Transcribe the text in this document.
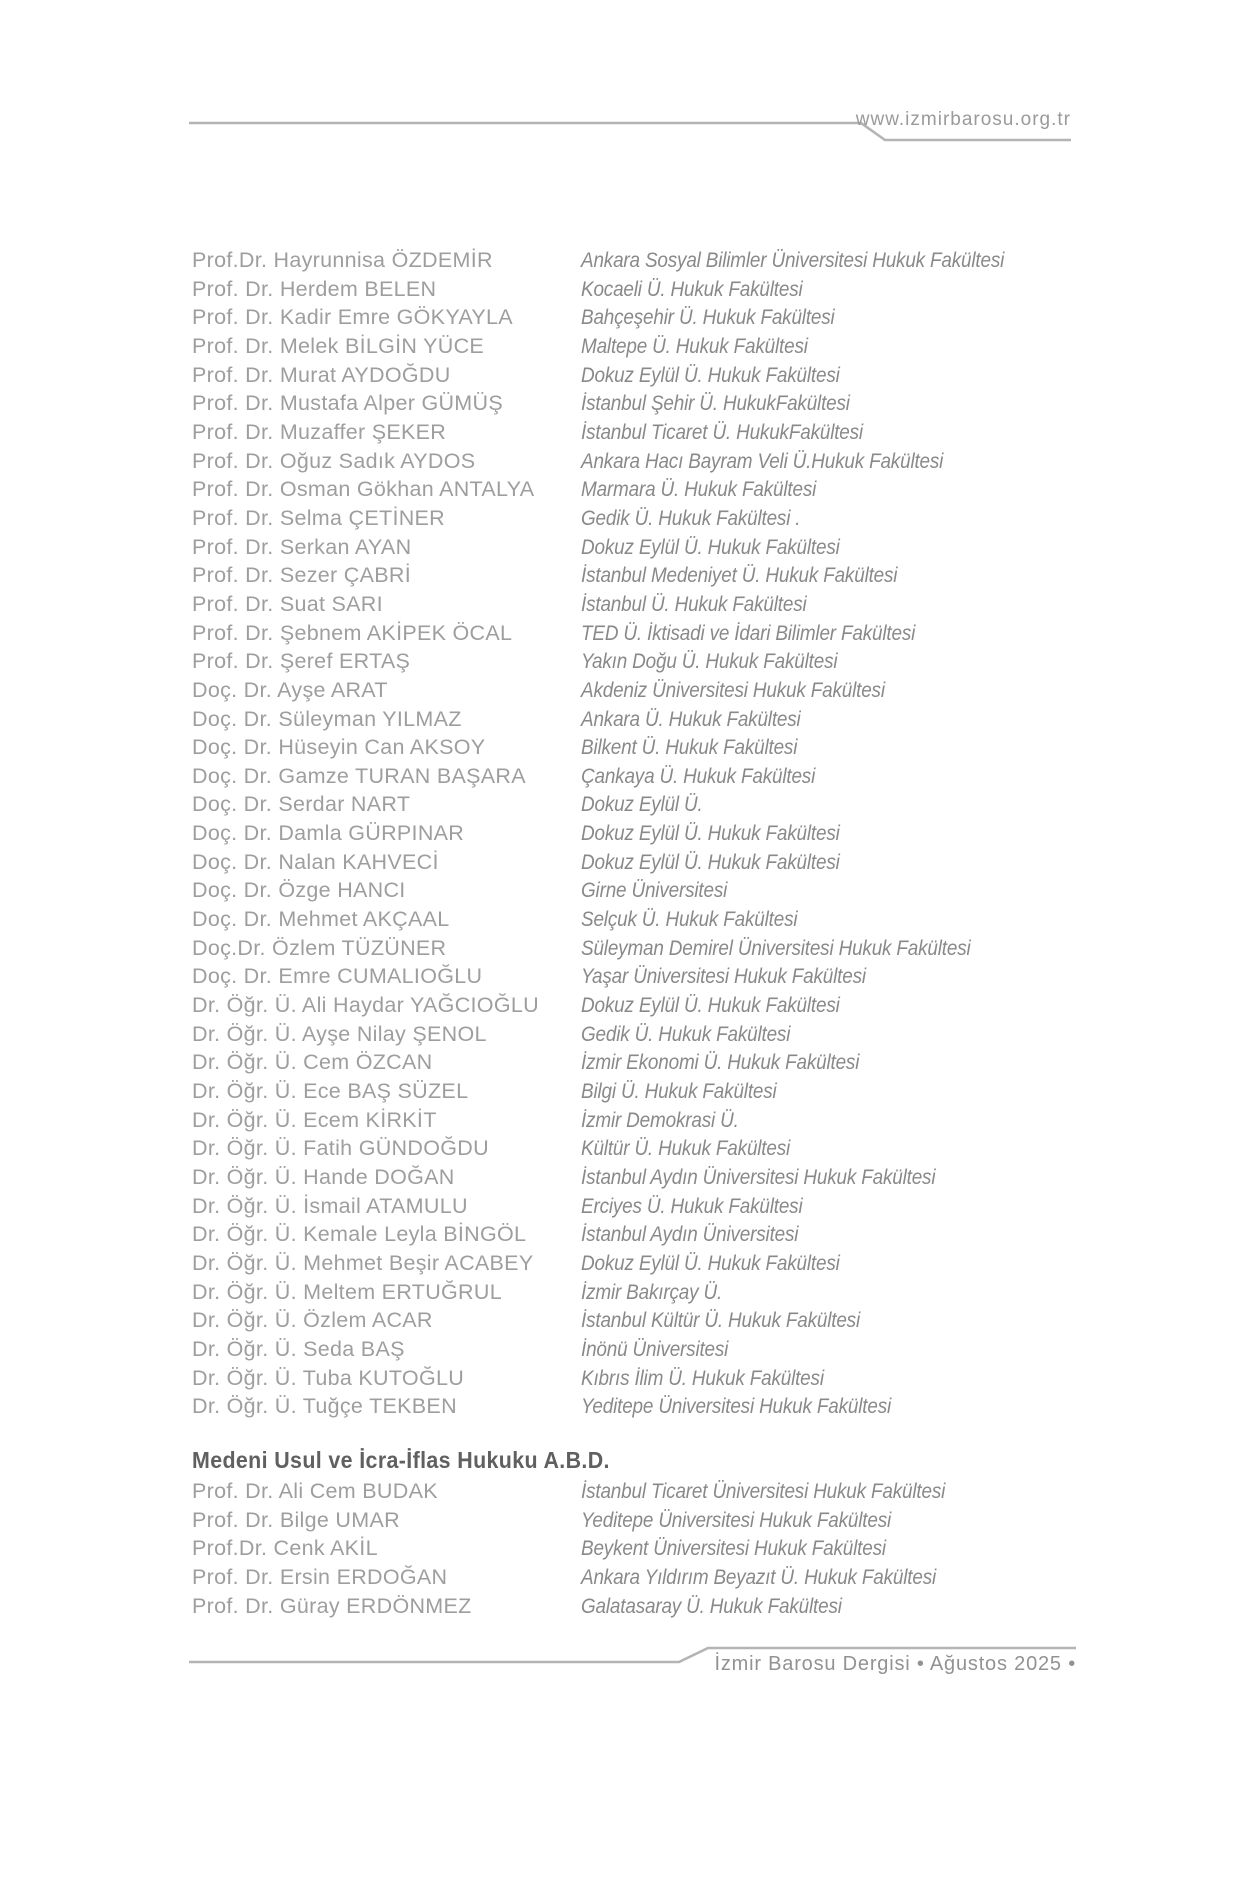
www.izmirbarosu.org.tr
Prof.Dr. Hayrunnisa ÖZDEMİR	Ankara Sosyal Bilimler Üniversitesi Hukuk Fakültesi
Prof. Dr. Herdem BELEN	Kocaeli Ü. Hukuk Fakültesi
Prof. Dr. Kadir Emre GÖKYAYLA	Bahçeşehir Ü. Hukuk Fakültesi
Prof. Dr. Melek BİLGİN YÜCE	Maltepe Ü. Hukuk Fakültesi
Prof. Dr. Murat AYDOĞDU	Dokuz Eylül Ü. Hukuk Fakültesi
Prof. Dr. Mustafa Alper GÜMÜŞ	İstanbul Şehir Ü. HukukFakültesi
Prof. Dr. Muzaffer ŞEKER	İstanbul Ticaret Ü. HukukFakültesi
Prof. Dr. Oğuz Sadık AYDOS	Ankara Hacı Bayram Veli Ü.Hukuk Fakültesi
Prof. Dr. Osman Gökhan ANTALYA	Marmara Ü. Hukuk Fakültesi
Prof. Dr. Selma ÇETİNER	Gedik Ü. Hukuk Fakültesi .
Prof. Dr. Serkan AYAN	Dokuz Eylül Ü. Hukuk Fakültesi
Prof. Dr. Sezer ÇABRİ	İstanbul Medeniyet Ü. Hukuk Fakültesi
Prof. Dr. Suat SARI	İstanbul Ü. Hukuk Fakültesi
Prof. Dr. Şebnem AKİPEK ÖCAL	TED Ü. İktisadi ve İdari Bilimler Fakültesi
Prof. Dr. Şeref ERTAŞ	Yakın Doğu Ü. Hukuk Fakültesi
Doç. Dr. Ayşe ARAT	Akdeniz Üniversitesi Hukuk Fakültesi
Doç. Dr. Süleyman YILMAZ	Ankara Ü. Hukuk Fakültesi
Doç. Dr. Hüseyin Can AKSOY	Bilkent Ü. Hukuk Fakültesi
Doç. Dr. Gamze TURAN BAŞARA	Çankaya Ü. Hukuk Fakültesi
Doç. Dr. Serdar NART	Dokuz Eylül Ü.
Doç. Dr. Damla GÜRPINAR	Dokuz Eylül Ü. Hukuk Fakültesi
Doç. Dr. Nalan KAHVECİ	Dokuz Eylül Ü. Hukuk Fakültesi
Doç. Dr. Özge HANCI	Girne Üniversitesi
Doç. Dr. Mehmet AKÇAAL	Selçuk Ü. Hukuk Fakültesi
Doç.Dr. Özlem TÜZÜNER	Süleyman Demirel Üniversitesi Hukuk Fakültesi
Doç. Dr. Emre CUMALIOĞLU	Yaşar Üniversitesi Hukuk Fakültesi
Dr. Öğr. Ü. Ali Haydar YAĞCIOĞLU	Dokuz Eylül Ü. Hukuk Fakültesi
Dr. Öğr. Ü. Ayşe Nilay ŞENOL	Gedik Ü. Hukuk Fakültesi
Dr. Öğr. Ü. Cem ÖZCAN	İzmir Ekonomi Ü. Hukuk Fakültesi
Dr. Öğr. Ü. Ece BAŞ SÜZEL	Bilgi Ü. Hukuk Fakültesi
Dr. Öğr. Ü. Ecem KİRKİT	İzmir Demokrasi Ü.
Dr. Öğr. Ü. Fatih GÜNDOĞDU	Kültür Ü. Hukuk Fakültesi
Dr. Öğr. Ü. Hande DOĞAN	İstanbul Aydın Üniversitesi Hukuk Fakültesi
Dr. Öğr. Ü. İsmail ATAMULU	Erciyes Ü. Hukuk Fakültesi
Dr. Öğr. Ü. Kemale Leyla BİNGÖL	İstanbul Aydın Üniversitesi
Dr. Öğr. Ü. Mehmet Beşir ACABEY	Dokuz Eylül Ü. Hukuk Fakültesi
Dr. Öğr. Ü. Meltem ERTUĞRUL	İzmir Bakırçay Ü.
Dr. Öğr. Ü. Özlem ACAR	İstanbul Kültür Ü. Hukuk Fakültesi
Dr. Öğr. Ü. Seda BAŞ	İnönü Üniversitesi
Dr. Öğr. Ü. Tuba KUTOĞLU	Kıbrıs İlim Ü. Hukuk Fakültesi
Dr. Öğr. Ü. Tuğçe TEKBEN	Yeditepe Üniversitesi Hukuk Fakültesi
Medeni Usul ve İcra-İflas Hukuku A.B.D.
Prof. Dr. Ali Cem BUDAK	İstanbul Ticaret Üniversitesi Hukuk Fakültesi
Prof. Dr. Bilge UMAR	Yeditepe Üniversitesi Hukuk Fakültesi
Prof.Dr. Cenk AKİL	Beykent Üniversitesi Hukuk Fakültesi
Prof. Dr. Ersin ERDOĞAN	Ankara Yıldırım Beyazıt Ü. Hukuk Fakültesi
Prof. Dr. Güray ERDÖNMEZ	Galatasaray Ü. Hukuk Fakültesi
İzmir Barosu Dergisi • Ağustos 2025 •
